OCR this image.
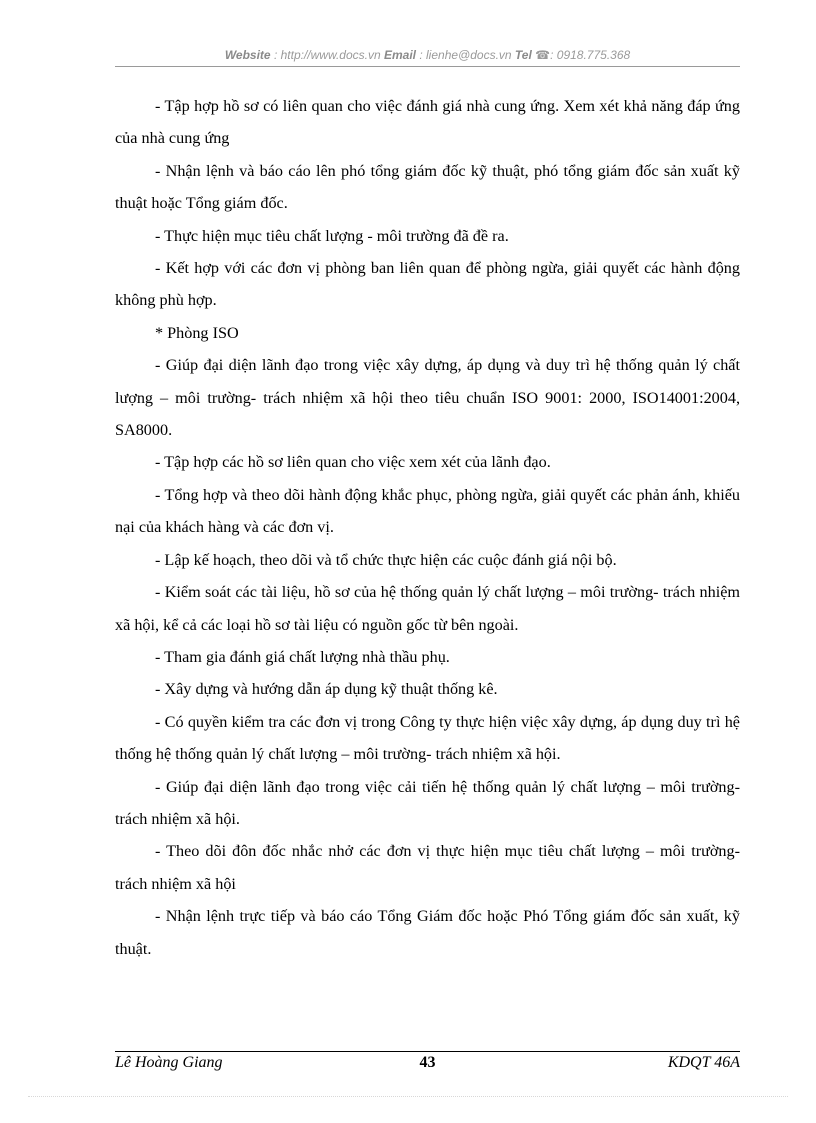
Website : http://www.docs.vn Email : lienhe@docs.vn Tel ☎: 0918.775.368

- Tập hợp hồ sơ có liên quan cho việc đánh giá nhà cung ứng. Xem xét khả năng đáp ứng của nhà cung ứng

- Nhận lệnh và báo cáo lên phó tổng giám đốc kỹ thuật, phó tổng giám đốc sản xuất kỹ thuật hoặc Tổng giám đốc.

- Thực hiện mục tiêu chất lượng - môi trường đã đề ra.

- Kết hợp với các đơn vị phòng ban liên quan để phòng ngừa, giải quyết các hành động không phù hợp.

* Phòng ISO

- Giúp đại diện lãnh đạo trong việc xây dựng, áp dụng và duy trì hệ thống quản lý chất lượng – môi trường- trách nhiệm xã hội theo tiêu chuẩn ISO 9001: 2000, ISO14001:2004, SA8000.

- Tập hợp các hồ sơ liên quan cho việc xem xét của lãnh đạo.

- Tổng hợp và theo dõi hành động khắc phục, phòng ngừa, giải quyết các phản ánh, khiếu nại của khách hàng và các đơn vị.

- Lập kế hoạch, theo dõi và tổ chức thực hiện các cuộc đánh giá nội bộ.

- Kiểm soát các tài liệu, hồ sơ của hệ thống quản lý chất lượng – môi trường- trách nhiệm xã hội, kể cả các loại hồ sơ tài liệu có nguồn gốc từ bên ngoài.

- Tham gia đánh giá chất lượng nhà thầu phụ.

- Xây dựng và hướng dẫn áp dụng kỹ thuật thống kê.

- Có quyền kiểm tra các đơn vị trong Công ty thực hiện việc xây dựng, áp dụng duy trì hệ thống hệ thống quản lý chất lượng – môi trường- trách nhiệm xã hội.

- Giúp đại diện lãnh đạo trong việc cải tiến hệ thống quản lý chất lượng – môi trường- trách nhiệm xã hội.

- Theo dõi đôn đốc nhắc nhở các đơn vị thực hiện mục tiêu chất lượng – môi trường- trách nhiệm xã hội

- Nhận lệnh trực tiếp và báo cáo Tổng Giám đốc hoặc Phó Tổng giám đốc sản xuất, kỹ thuật.

Lê Hoàng Giang	43	KDQT 46A
